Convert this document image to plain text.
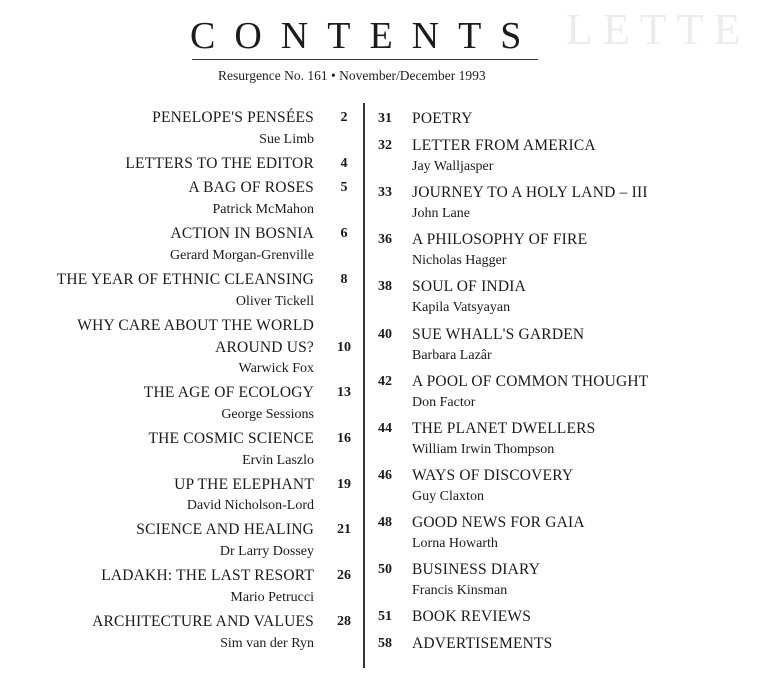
LETTE
CONTENTS
Resurgence No. 161 • November/December 1993
PENELOPE'S PENSÉES	2
Sue Limb
LETTERS TO THE EDITOR	4
A BAG OF ROSES	5
Patrick McMahon
ACTION IN BOSNIA	6
Gerard Morgan-Grenville
THE YEAR OF ETHNIC CLEANSING	8
Oliver Tickell
WHY CARE ABOUT THE WORLD
AROUND US? 10
Warwick Fox
THE AGE OF ECOLOGY 13
George Sessions
THE COSMIC SCIENCE 16
Ervin Laszlo
UP THE ELEPHANT 19
David Nicholson-Lord
SCIENCE AND HEALING 21
Dr Larry Dossey
LADAKH: THE LAST RESORT 26
Mario Petrucci
ARCHITECTURE AND VALUES 28
Sim van der Ryn
31	POETRY
32	LETTER FROM AMERICA
Jay Walljasper
33	JOURNEY TO A HOLY LAND – III
John Lane
36	A PHILOSOPHY OF FIRE
Nicholas Hagger
38	SOUL OF INDIA
Kapila Vatsyayan
40	SUE WHALL'S GARDEN
Barbara Lazâr
42	A POOL OF COMMON THOUGHT
Don Factor
44	THE PLANET DWELLERS
William Irwin Thompson
46	WAYS OF DISCOVERY
Guy Claxton
48	GOOD NEWS FOR GAIA
Lorna Howarth
50	BUSINESS DIARY
Francis Kinsman
51	BOOK REVIEWS
58	ADVERTISEMENTS
